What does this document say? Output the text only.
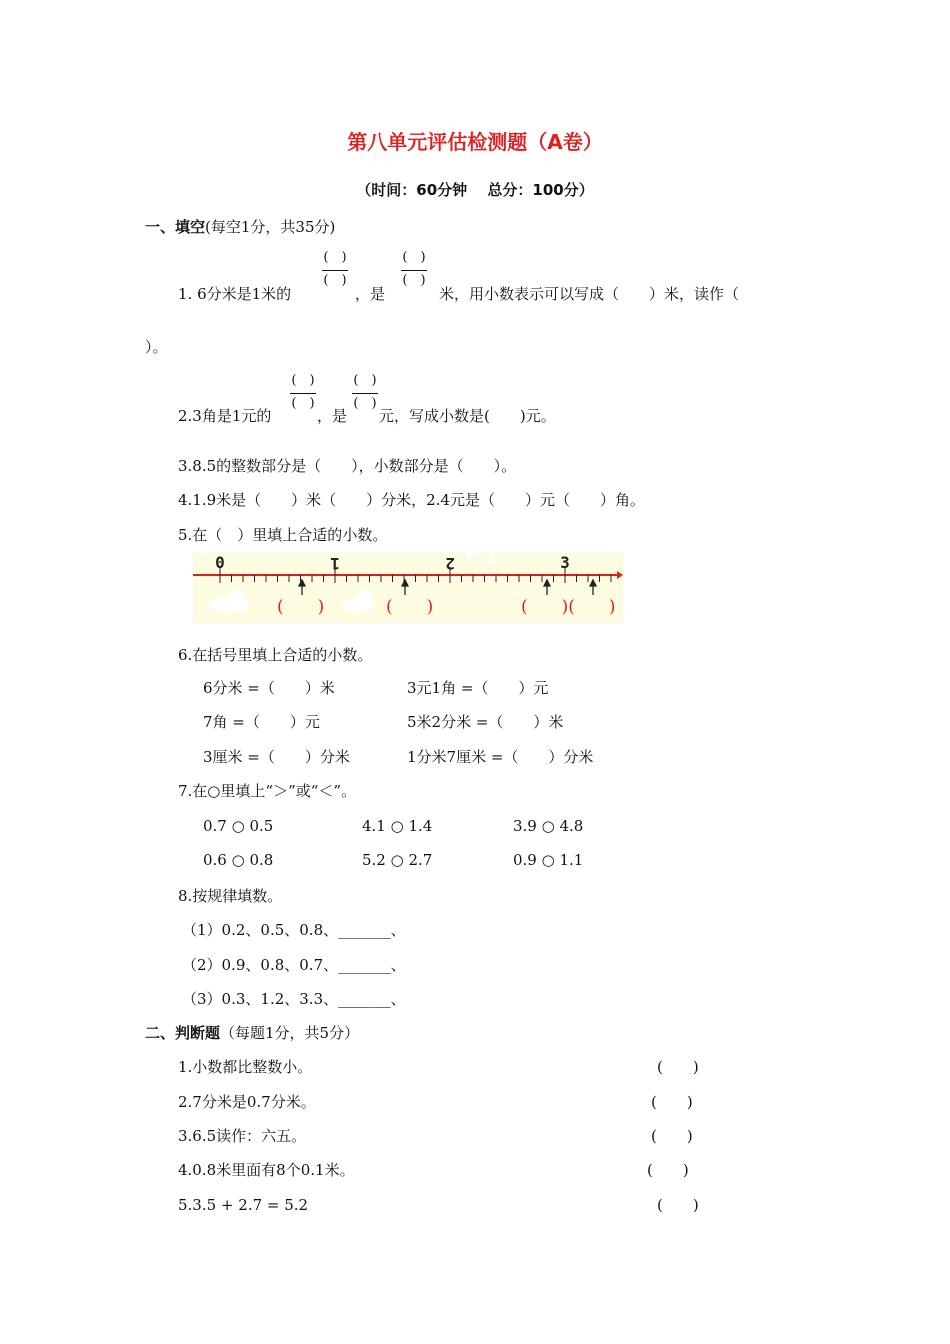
第八单元评估检测题（A卷）
（时间：60分钟　 总分：100分）
一、填空(每空1分，共35分)
1. 6分米是1米的
(　)
(　)
，是
(　)
(　)
米，用小数表示可以写成（　　）米，读作（
）。
2.3角是1元的
(　)
(　)
，是
(　)
(　)
元，写成小数是(　　)元。
3.8.5的整数部分是（　　），小数部分是（　　）。
4.1.9米是（　　）米（　　）分米，2.4元是（　　）元（　　）角。
5.在（　）里填上合适的小数。
0	1	2	3
(　　)	(　　)	(　　)(　　)
6.在括号里填上合适的小数。
6分米 =（　　）米	3元1角 =（　　）元
7角 =（　　）元	5米2分米 =（　　）米
3厘米 =（　　）分米	1分米7厘米 =（　　）分米
7.在○里填上“＞”或“＜”。
0.7 ○ 0.5	4.1 ○ 1.4	3.9 ○ 4.8
0.6 ○ 0.8	5.2 ○ 2.7	0.9 ○ 1.1
8.按规律填数。
（1）0.2、0.5、0.8、_______、
（2）0.9、0.8、0.7、_______、
（3）0.3、1.2、3.3、_______、
二、判断题（每题1分，共5分）
1.小数都比整数小。	(　　)
2.7分米是0.7分米。	(　　)
3.6.5读作：六五。	(　　)
4.0.8米里面有8个0.1米。	(　　)
5.3.5 + 2.7 = 5.2	(　　)
